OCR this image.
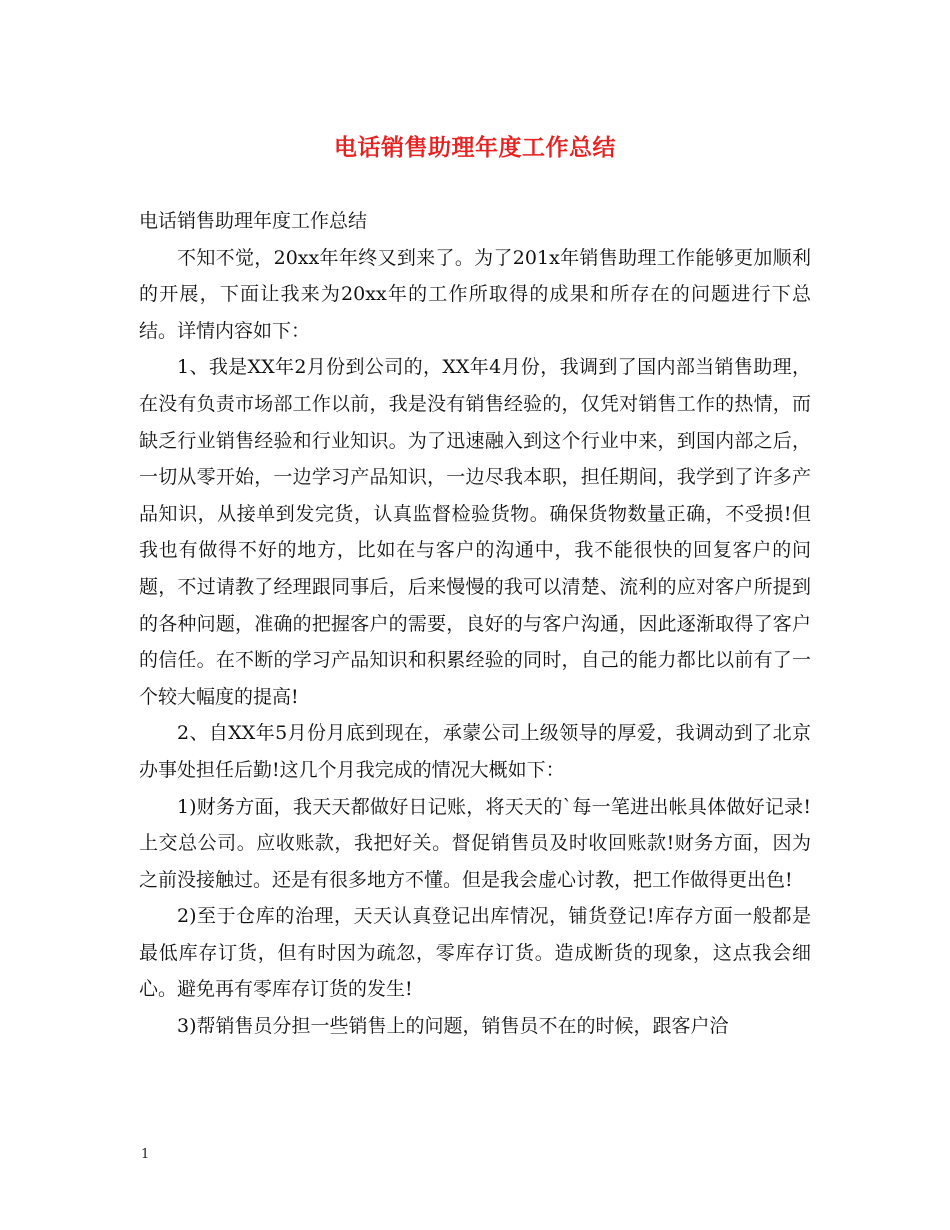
电话销售助理年度工作总结

电话销售助理年度工作总结

不知不觉，20xx年年终又到来了。为了201x年销售助理工作能够更加顺利的开展，下面让我来为20xx年的工作所取得的成果和所存在的问题进行下总结。详情内容如下：

1、我是XX年2月份到公司的，XX年4月份，我调到了国内部当销售助理，在没有负责市场部工作以前，我是没有销售经验的，仅凭对销售工作的热情，而缺乏行业销售经验和行业知识。为了迅速融入到这个行业中来，到国内部之后，一切从零开始，一边学习产品知识，一边尽我本职，担任期间，我学到了许多产品知识，从接单到发完货，认真监督检验货物。确保货物数量正确，不受损!但我也有做得不好的地方，比如在与客户的沟通中，我不能很快的回复客户的问题，不过请教了经理跟同事后，后来慢慢的我可以清楚、流利的应对客户所提到的各种问题，准确的把握客户的需要，良好的与客户沟通，因此逐渐取得了客户的信任。在不断的学习产品知识和积累经验的同时，自己的能力都比以前有了一个较大幅度的提高!

2、自XX年5月份月底到现在，承蒙公司上级领导的厚爱，我调动到了北京办事处担任后勤!这几个月我完成的情况大概如下：

1)财务方面，我天天都做好日记账，将天天的`每一笔进出帐具体做好记录!上交总公司。应收账款，我把好关。督促销售员及时收回账款!财务方面，因为之前没接触过。还是有很多地方不懂。但是我会虚心讨教，把工作做得更出色!

2)至于仓库的治理，天天认真登记出库情况，铺货登记!库存方面一般都是最低库存订货，但有时因为疏忽，零库存订货。造成断货的现象，这点我会细心。避免再有零库存订货的发生!

3)帮销售员分担一些销售上的问题，销售员不在的时候，跟客户洽

1
